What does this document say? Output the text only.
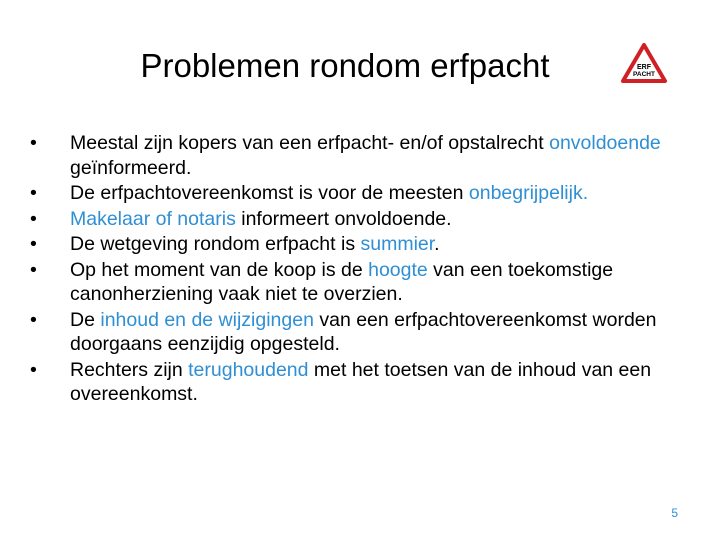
Problemen rondom erfpacht	ERF
PACHT
• Meestal zijn kopers van een erfpacht- en/of opstalrecht onvoldoende geïnformeerd.
• De erfpachtovereenkomst is voor de meesten onbegrijpelijk.
• Makelaar of notaris informeert onvoldoende.
• De wetgeving rondom erfpacht is summier.
• Op het moment van de koop is de hoogte van een toekomstige canonherziening vaak niet te overzien.
• De inhoud en de wijzigingen van een erfpachtovereenkomst worden doorgaans eenzijdig opgesteld.
• Rechters zijn terughoudend met het toetsen van de inhoud van een overeenkomst.
5
